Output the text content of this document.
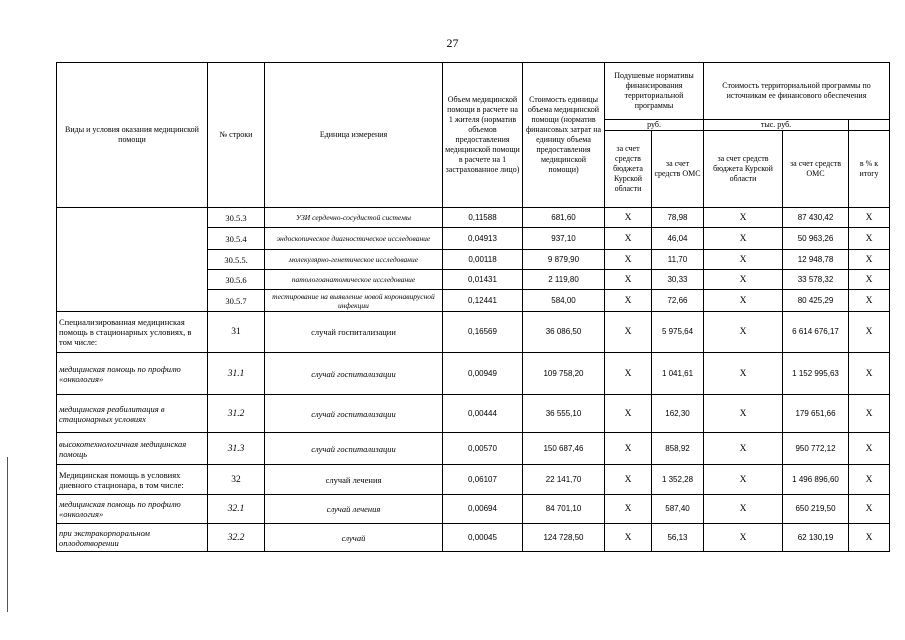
27
Виды и условия оказания медицинской помощи	№ строки	Единица измерения	Объем медицинской помощи в расчете на 1 жителя (норматив объемов предоставления медицинской помощи в расчете на 1 застрахованное лицо)	Стоимость единицы объема медицинской помощи (норматив финансовых затрат на единицу объема предоставления медицинской помощи)	Подушевые нормативы финансирования территориальной программы		Стоимость территориальной программы по источникам ее финансового обеспечения		
					руб.		тыс. руб.		
					за счет средств бюджета Курской области	за счет средств ОМС	за счет средств бюджета Курской области	за счет средств ОМС	в % к итогу
	30.5.3	УЗИ сердечно-сосудистой системы	0,11588	681,60	Х	78,98	Х	87 430,42	Х
	30.5.4	эндоскопическое диагностическое исследование	0,04913	937,10	Х	46,04	Х	50 963,26	Х
	30.5.5.	молекулярно-генетическое исследование	0,00118	9 879,90	Х	11,70	Х	12 948,78	Х
	30.5.6	патологоанатомическое исследование	0,01431	2 119,80	Х	30,33	Х	33 578,32	Х
	30.5.7	тестирование на выявление новой коронавирусной инфекции	0,12441	584,00	Х	72,66	Х	80 425,29	Х
Специализированная медицинская помощь в стационарных условиях, в том числе:	31	случай госпитализации	0,16569	36 086,50	Х	5 975,64	Х	6 614 676,17	Х
медицинская помощь по профилю «онкология»	31.1	случай госпитализации	0,00949	109 758,20	Х	1 041,61	Х	1 152 995,63	Х
медицинская реабилитация в стационарных условиях	31.2	случай госпитализации	0,00444	36 555,10	Х	162,30	Х	179 651,66	Х
высокотехнологичная медицинская помощь	31.3	случай госпитализации	0,00570	150 687,46	Х	858,92	Х	950 772,12	Х
Медицинская помощь в условиях дневного стационара, в том числе:	32	случай лечения	0,06107	22 141,70	Х	1 352,28	Х	1 496 896,60	Х
медицинская помощь по профилю «онкология»	32.1	случай лечения	0,00694	84 701,10	Х	587,40	Х	650 219,50	Х
при экстракорпоральном оплодотворении	32.2	случай	0,00045	124 728,50	Х	56,13	Х	62 130,19	Х
